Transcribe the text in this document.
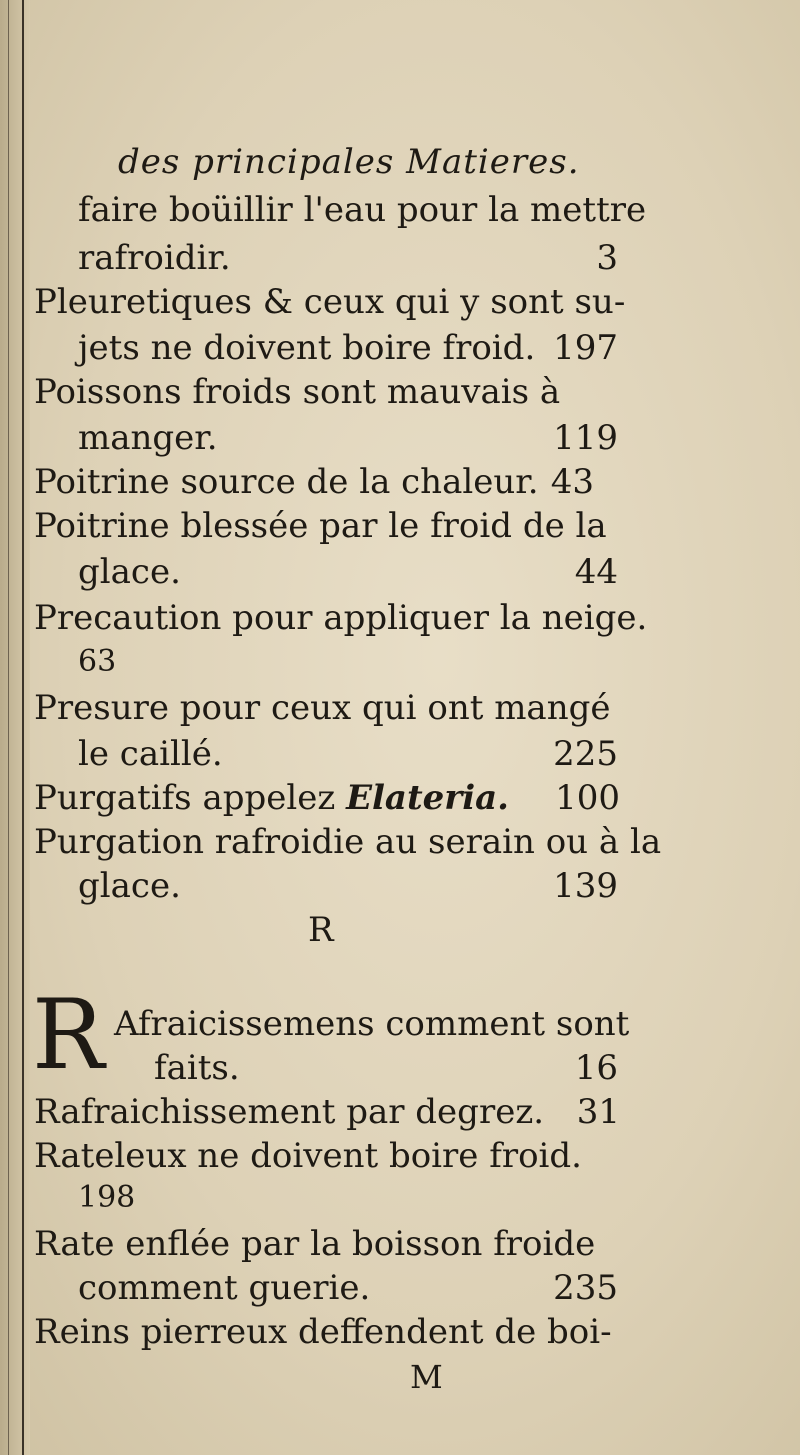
des principales Matieres.
faire boüillir l'eau pour la mettre
rafroidir.	3
Pleuretiques & ceux qui y sont su-
jets ne doivent boire froid. 197
Poissons froids sont mauvais à
manger.	119
Poitrine source de la chaleur. 43
Poitrine blessée par le froid de la
glace.	44
Precaution pour appliquer la neige.
63
Presure pour ceux qui ont mangé
le caillé.	225
Purgatifs appelez Elateria. 100
Purgation rafroidie au serain ou à la
glace.	139
R
R Afraicissemens comment sont
faits.	16
Rafraichissement par degrez. 31
Rateleux ne doivent boire froid.
198
Rate enflée par la boisson froide
comment guerie.	235
Reins pierreux deffendent de boi-
M
